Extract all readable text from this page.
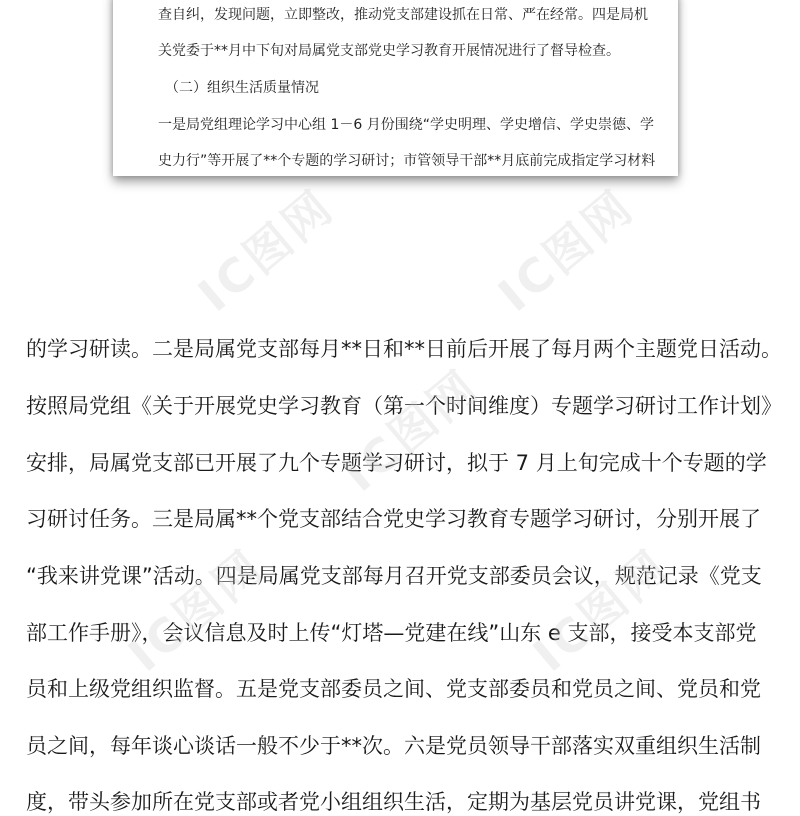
查自纠，发现问题，立即整改，推动党支部建设抓在日常、严在经常。四是局机
关党委于**月中下旬对局属党支部党史学习教育开展情况进行了督导检查。
（二）组织生活质量情况
一是局党组理论学习中心组 1－6 月份围绕“学史明理、学史增信、学史崇德、学
史力行”等开展了**个专题的学习研讨；市管领导干部**月底前完成指定学习材料
的学习研读。二是局属党支部每月**日和**日前后开展了每月两个主题党日活动。
按照局党组《关于开展党史学习教育（第一个时间维度）专题学习研讨工作计划》
安排，局属党支部已开展了九个专题学习研讨，拟于 7 月上旬完成十个专题的学
习研讨任务。三是局属**个党支部结合党史学习教育专题学习研讨，分别开展了
“我来讲党课”活动。四是局属党支部每月召开党支部委员会议，规范记录《党支
部工作手册》，会议信息及时上传“灯塔—党建在线”山东 e 支部，接受本支部党
员和上级党组织监督。五是党支部委员之间、党支部委员和党员之间、党员和党
员之间，每年谈心谈话一般不少于**次。六是党员领导干部落实双重组织生活制
度，带头参加所在党支部或者党小组组织生活，定期为基层党员讲党课，党组书
IC图网	IC图网
IC图网
IC图网	IC图网
